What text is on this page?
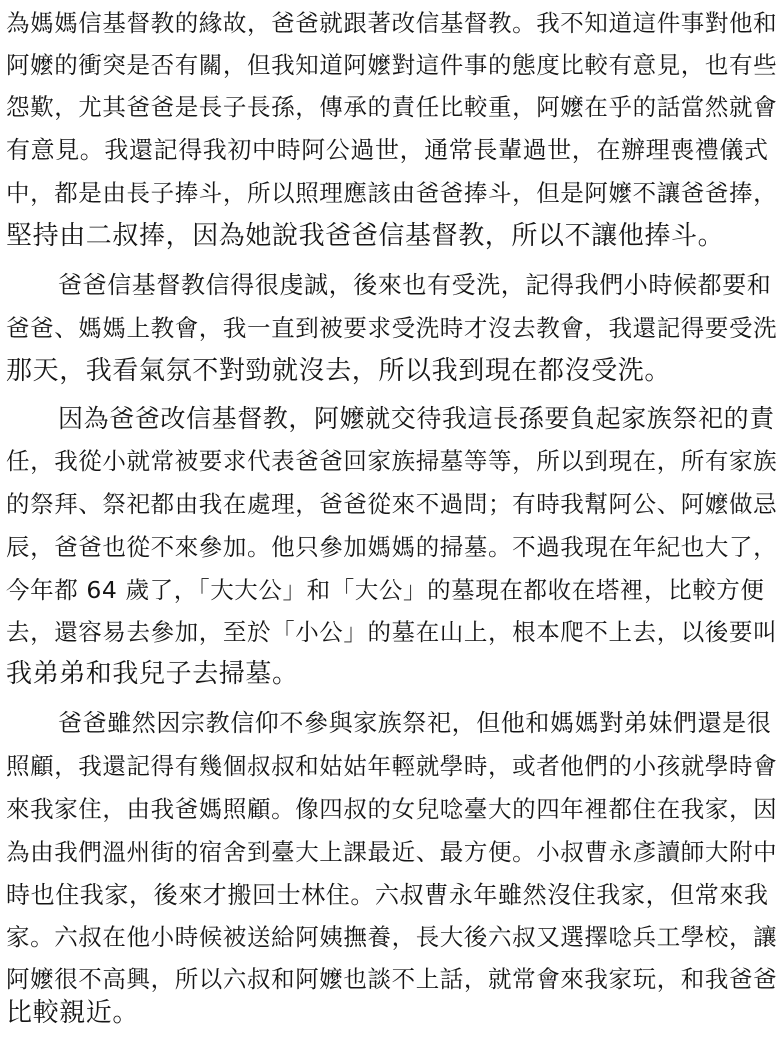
為媽媽信基督教的緣故，爸爸就跟著改信基督教。我不知道這件事對他和
阿嬤的衝突是否有關，但我知道阿嬤對這件事的態度比較有意見，也有些
怨歎，尤其爸爸是長子長孫，傳承的責任比較重，阿嬤在乎的話當然就會
有意見。我還記得我初中時阿公過世，通常長輩過世，在辦理喪禮儀式
中，都是由長子捧斗，所以照理應該由爸爸捧斗，但是阿嬤不讓爸爸捧，
堅持由二叔捧，因為她說我爸爸信基督教，所以不讓他捧斗。
爸爸信基督教信得很虔誠，後來也有受洗，記得我們小時候都要和
爸爸、媽媽上教會，我一直到被要求受洗時才沒去教會，我還記得要受洗
那天，我看氣氛不對勁就沒去，所以我到現在都沒受洗。
因為爸爸改信基督教，阿嬤就交待我這長孫要負起家族祭祀的責
任，我從小就常被要求代表爸爸回家族掃墓等等，所以到現在，所有家族
的祭拜、祭祀都由我在處理，爸爸從來不過問；有時我幫阿公、阿嬤做忌
辰，爸爸也從不來參加。他只參加媽媽的掃墓。不過我現在年紀也大了，
今年都 64 歲了，「大大公」和「大公」的墓現在都收在塔裡，比較方便
去，還容易去參加，至於「小公」的墓在山上，根本爬不上去，以後要叫
我弟弟和我兒子去掃墓。
爸爸雖然因宗教信仰不參與家族祭祀，但他和媽媽對弟妹們還是很
照顧，我還記得有幾個叔叔和姑姑年輕就學時，或者他們的小孩就學時會
來我家住，由我爸媽照顧。像四叔的女兒唸臺大的四年裡都住在我家，因
為由我們溫州街的宿舍到臺大上課最近、最方便。小叔曹永彥讀師大附中
時也住我家，後來才搬回士林住。六叔曹永年雖然沒住我家，但常來我
家。六叔在他小時候被送給阿姨撫養，長大後六叔又選擇唸兵工學校，讓
阿嬤很不高興，所以六叔和阿嬤也談不上話，就常會來我家玩，和我爸爸
比較親近。
